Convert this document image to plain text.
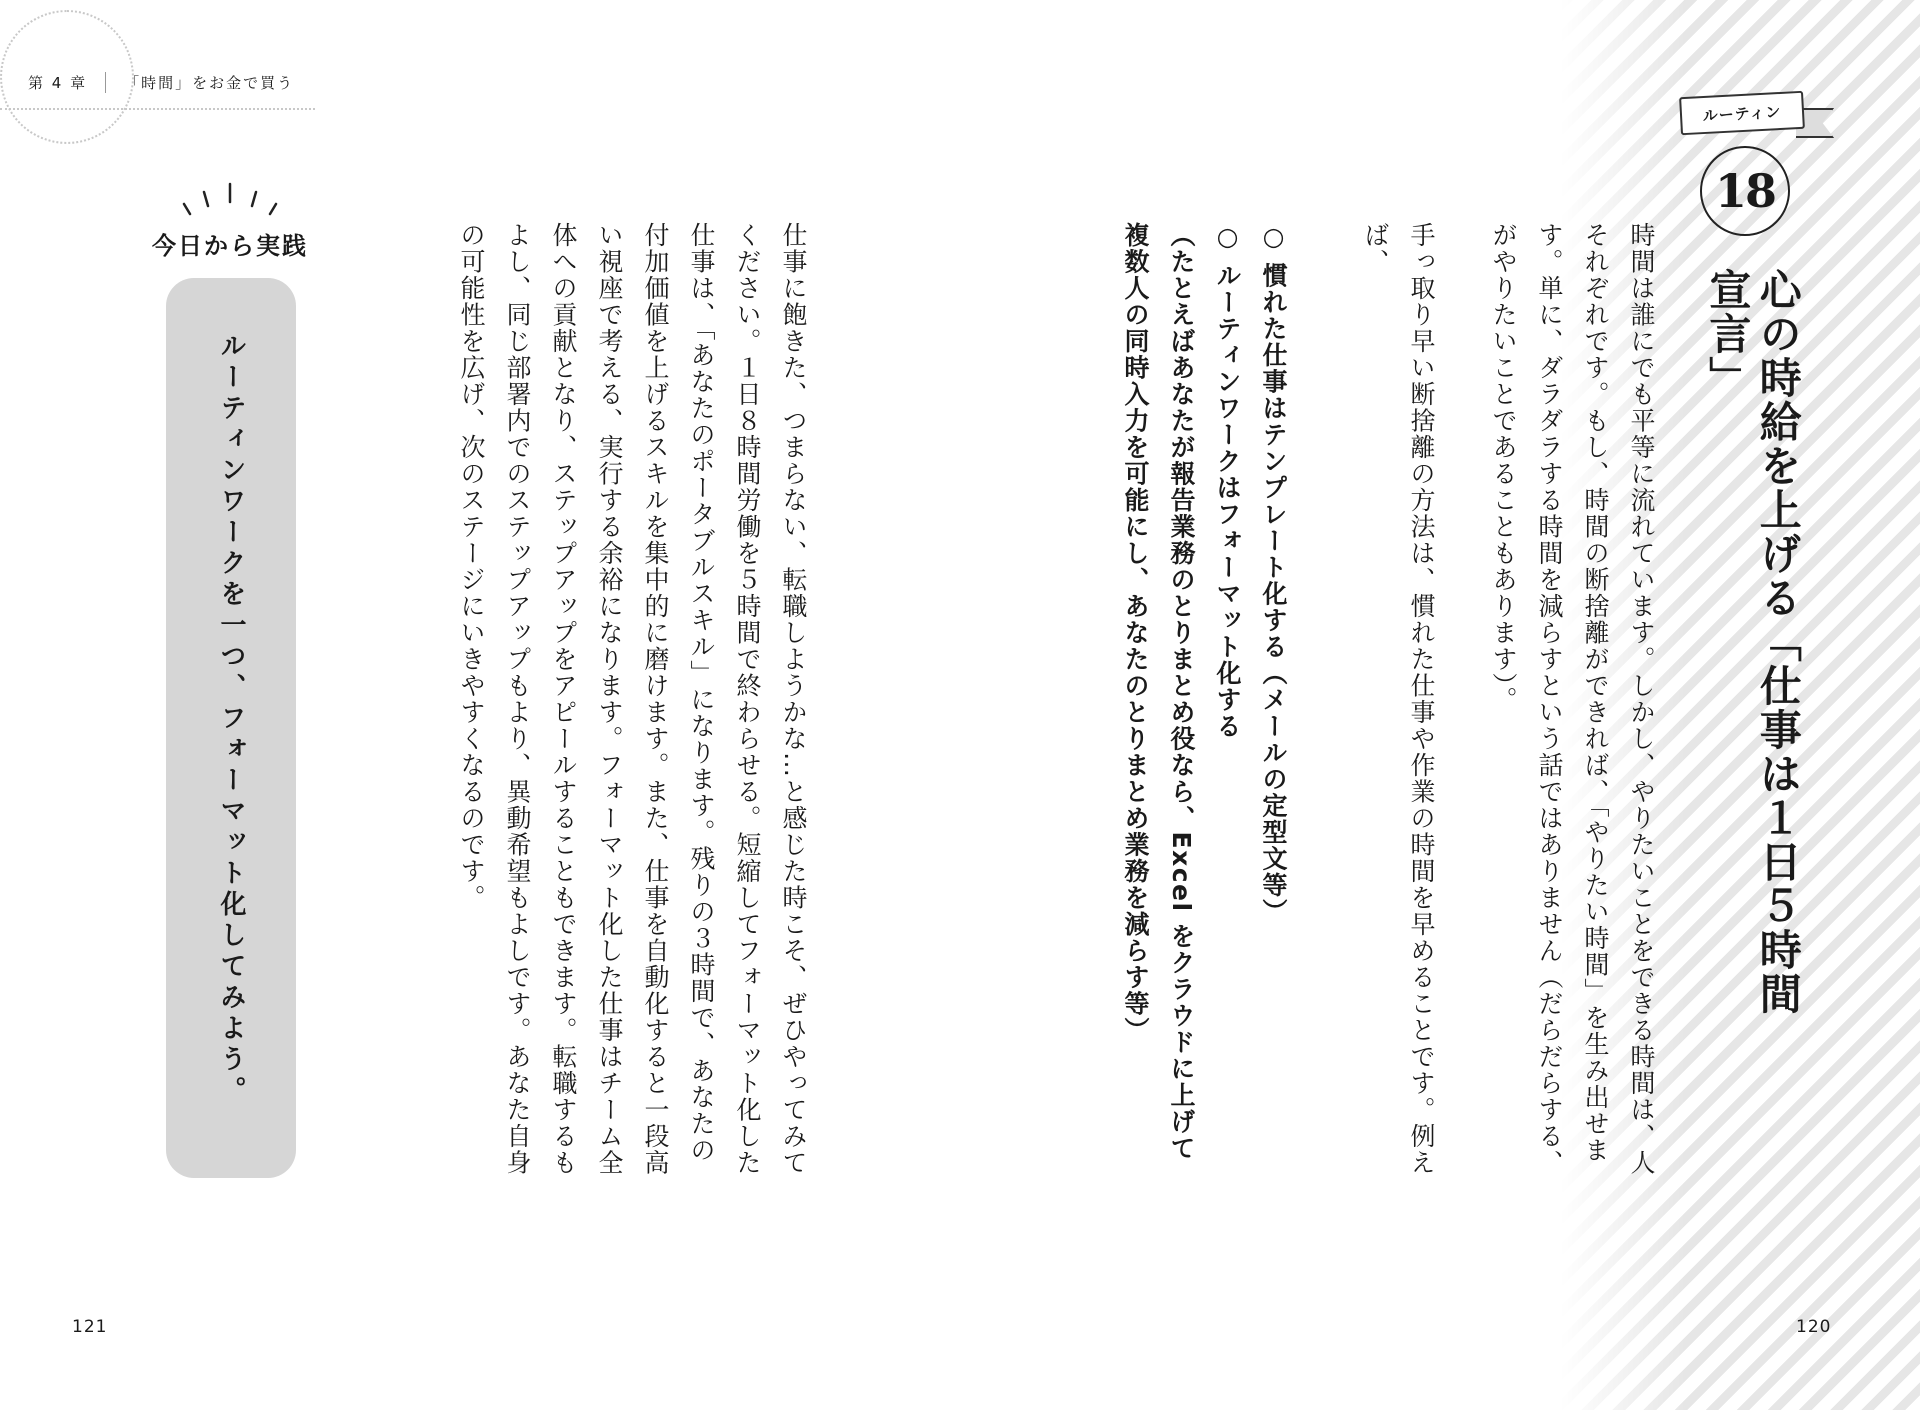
第 4 章	「時間」をお金で買う
ルーティン
18
心の時給を上げる「仕事は１日５時間宣言」
時間は誰にでも平等に流れています。しかし、やりたいことをできる時間は、人それぞれです。もし、時間の断捨離ができれば、「やりたい時間」を生み出せます。単に、ダラダラする時間を減らすという話ではありません（だらだらする、がやりたいことであることもあります）。
手っ取り早い断捨離の方法は、慣れた仕事や作業の時間を早めることです。例えば、
○ 慣れた仕事はテンプレート化する（メールの定型文等）
○ ルーティンワークはフォーマット化する
（たとえばあなたが報告業務のとりまとめ役なら、Excel をクラウドに上げて複数人の同時入力を可能にし、あなたのとりまとめ業務を減らす等）
仕事に飽きた、つまらない、転職しようかな…と感じた時こそ、ぜひやってみてください。１日８時間労働を５時間で終わらせる。短縮してフォーマット化した仕事は、「あなたのポータブルスキル」になります。残りの３時間で、あなたの付加価値を上げるスキルを集中的に磨けます。また、仕事を自動化すると一段高い視座で考える、実行する余裕になります。フォーマット化した仕事はチーム全体への貢献となり、ステップアップをアピールすることもできます。転職するもよし、同じ部署内でのステップアップもより、異動希望もよしです。あなた自身の可能性を広げ、次のステージにいきやすくなるのです。
今日から実践
ルーティンワークを一つ、フォーマット化してみよう。
121	120
